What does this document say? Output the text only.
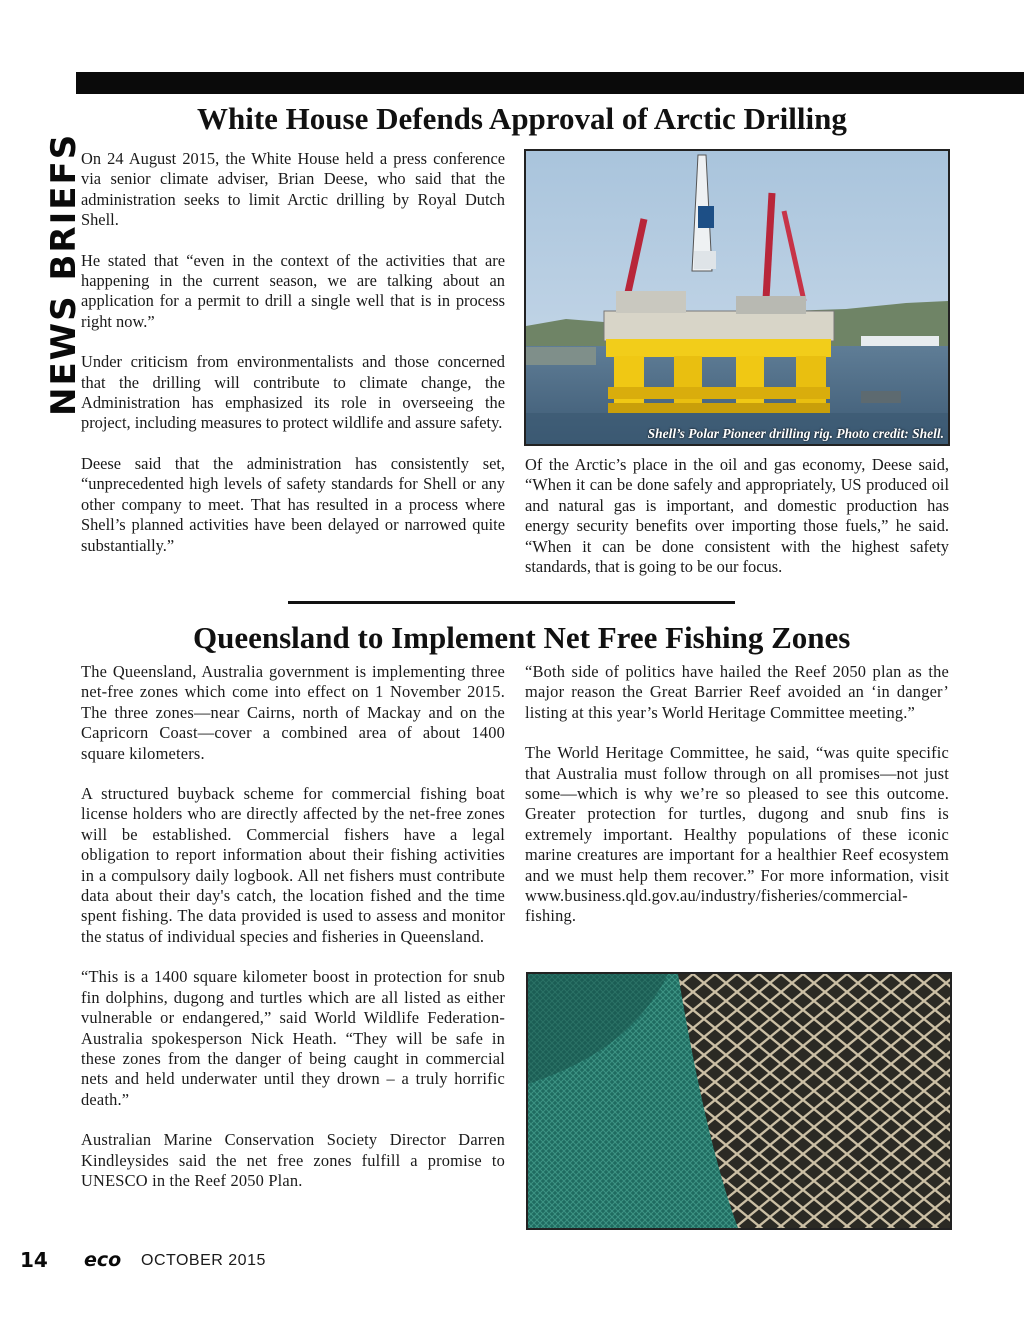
NEWS BRIEFS
White House Defends Approval of Arctic Drilling

On 24 August 2015, the White House held a press conference via senior climate adviser, Brian Deese, who said that the administration seeks to limit Arctic drilling by Royal Dutch Shell.

He stated that “even in the context of the activities that are happening in the current season, we are talking about an application for a permit to drill a single well that is in process right now.”

Under criticism from environmentalists and those concerned that the drilling will contribute to climate change, the Administration has emphasized its role in overseeing the project, including measures to protect wildlife and assure safety.

Deese said that the administration has consistently set, “unprecedented high levels of safety standards for Shell or any other company to meet. That has resulted in a process where Shell’s planned activities have been delayed or narrowed quite substantially.”

Shell’s Polar Pioneer drilling rig. Photo credit: Shell.

Of the Arctic’s place in the oil and gas economy, Deese said, “When it can be done safely and appropriately, US produced oil and natural gas is important, and domestic production has energy security benefits over importing those fuels,” he said. “When it can be done consistent with the highest safety standards, that is going to be our focus.

Queensland to Implement Net Free Fishing Zones

The Queensland, Australia government is implementing three net-free zones which come into effect on 1 November 2015. The three zones—near Cairns, north of Mackay and on the Capricorn Coast—cover a combined area of about 1400 square kilometers.

A structured buyback scheme for commercial fishing boat license holders who are directly affected by the net-free zones will be established. Commercial fishers have a legal obligation to report information about their fishing activities in a compulsory daily logbook. All net fishers must contribute data about their day's catch, the location fished and the time spent fishing. The data provided is used to assess and monitor the status of individual species and fisheries in Queensland.

“This is a 1400 square kilometer boost in protection for snub fin dolphins, dugong and turtles which are all listed as either vulnerable or endangered,” said World Wildlife Federation-Australia spokesperson Nick Heath. “They will be safe in these zones from the danger of being caught in commercial nets and held underwater until they drown – a truly horrific death.”

Australian Marine Conservation Society Director Darren Kindleysides said the net free zones fulfill a promise to UNESCO in the Reef 2050 Plan.

“Both side of politics have hailed the Reef 2050 plan as the major reason the Great Barrier Reef avoided an ‘in danger’ listing at this year’s World Heritage Committee meeting.”

The World Heritage Committee, he said, “was quite specific that Australia must follow through on all promises—not just some—which is why we’re so pleased to see this outcome. Greater protection for turtles, dugong and snub fins is extremely important. Healthy populations of these iconic marine creatures are important for a healthier Reef ecosystem and we must help them recover.” For more information, visit www.business.qld.gov.au/industry/fisheries/commercial-fishing.

14 eco OCTOBER 2015
